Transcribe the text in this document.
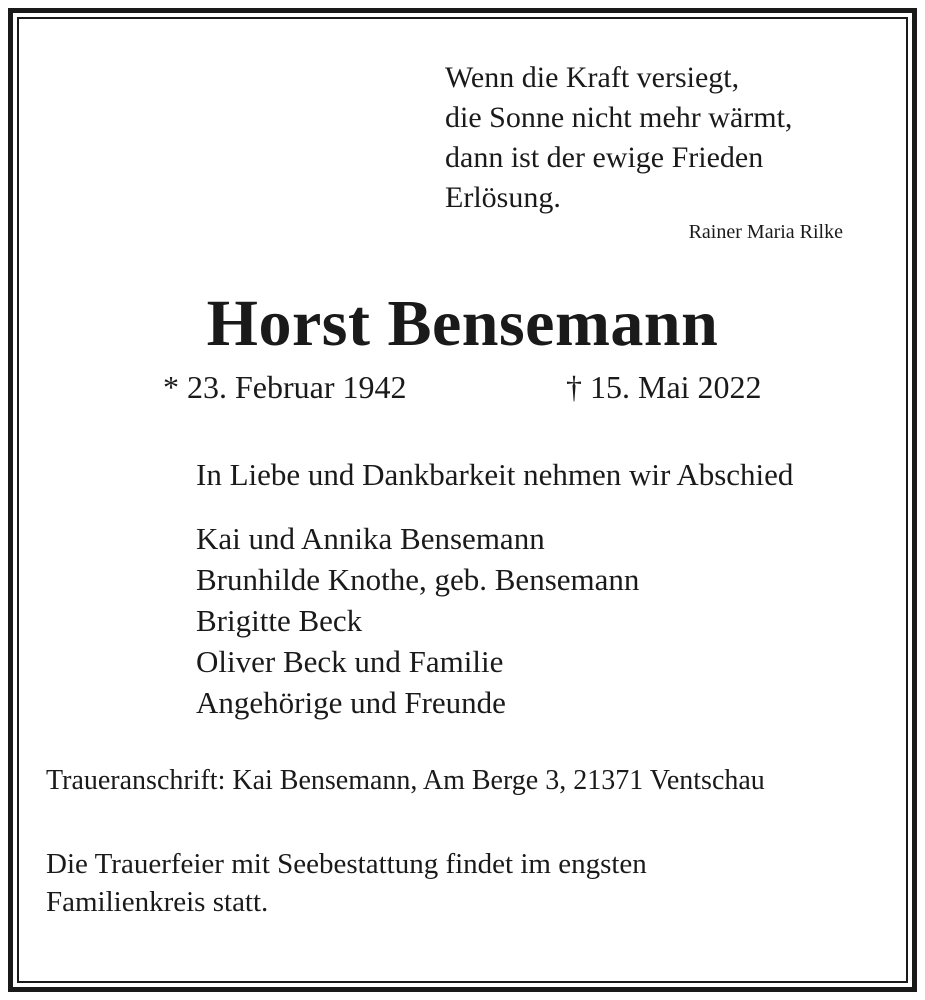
Wenn die Kraft versiegt,
die Sonne nicht mehr wärmt,
dann ist der ewige Frieden
Erlösung.
Rainer Maria Rilke
Horst Bensemann
* 23. Februar 1942	† 15. Mai 2022
In Liebe und Dankbarkeit nehmen wir Abschied
Kai und Annika Bensemann
Brunhilde Knothe, geb. Bensemann
Brigitte Beck
Oliver Beck und Familie
Angehörige und Freunde
Traueranschrift: Kai Bensemann, Am Berge 3, 21371 Ventschau
Die Trauerfeier mit Seebestattung findet im engsten
Familienkreis statt.
